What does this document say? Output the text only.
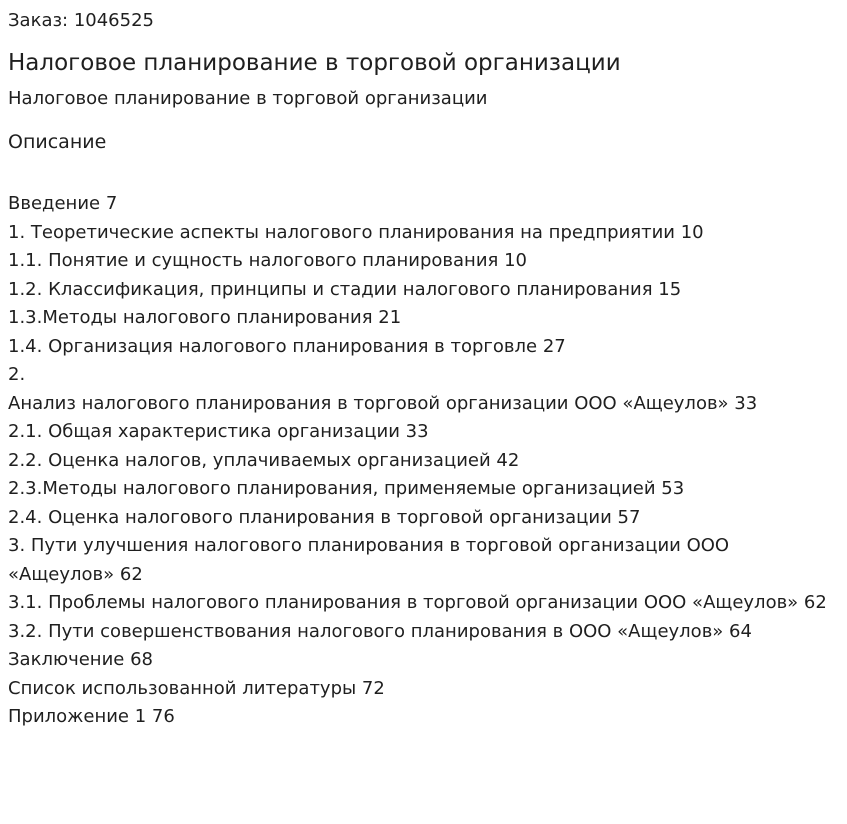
Заказ: 1046525
Налоговое планирование в торговой организации
Налоговое планирование в торговой организации
Описание
Введение 7
1. Теоретические аспекты налогового планирования на предприятии 10
1.1. Понятие и сущность налогового планирования 10
1.2. Классификация, принципы и стадии налогового планирования 15
1.3.Методы налогового планирования 21
1.4. Организация налогового планирования в торговле 27
2.
Анализ налогового планирования в торговой организации ООО «Ащеулов» 33
2.1. Общая характеристика организации 33
2.2. Оценка налогов, уплачиваемых организацией 42
2.3.Методы налогового планирования, применяемые организацией 53
2.4. Оценка налогового планирования в торговой организации 57
3. Пути улучшения налогового планирования в торговой организации ООО «Ащеулов» 62
3.1. Проблемы налогового планирования в торговой организации ООО «Ащеулов» 62
3.2. Пути совершенствования налогового планирования в ООО «Ащеулов» 64
Заключение 68
Список использованной литературы 72
Приложение 1 76
